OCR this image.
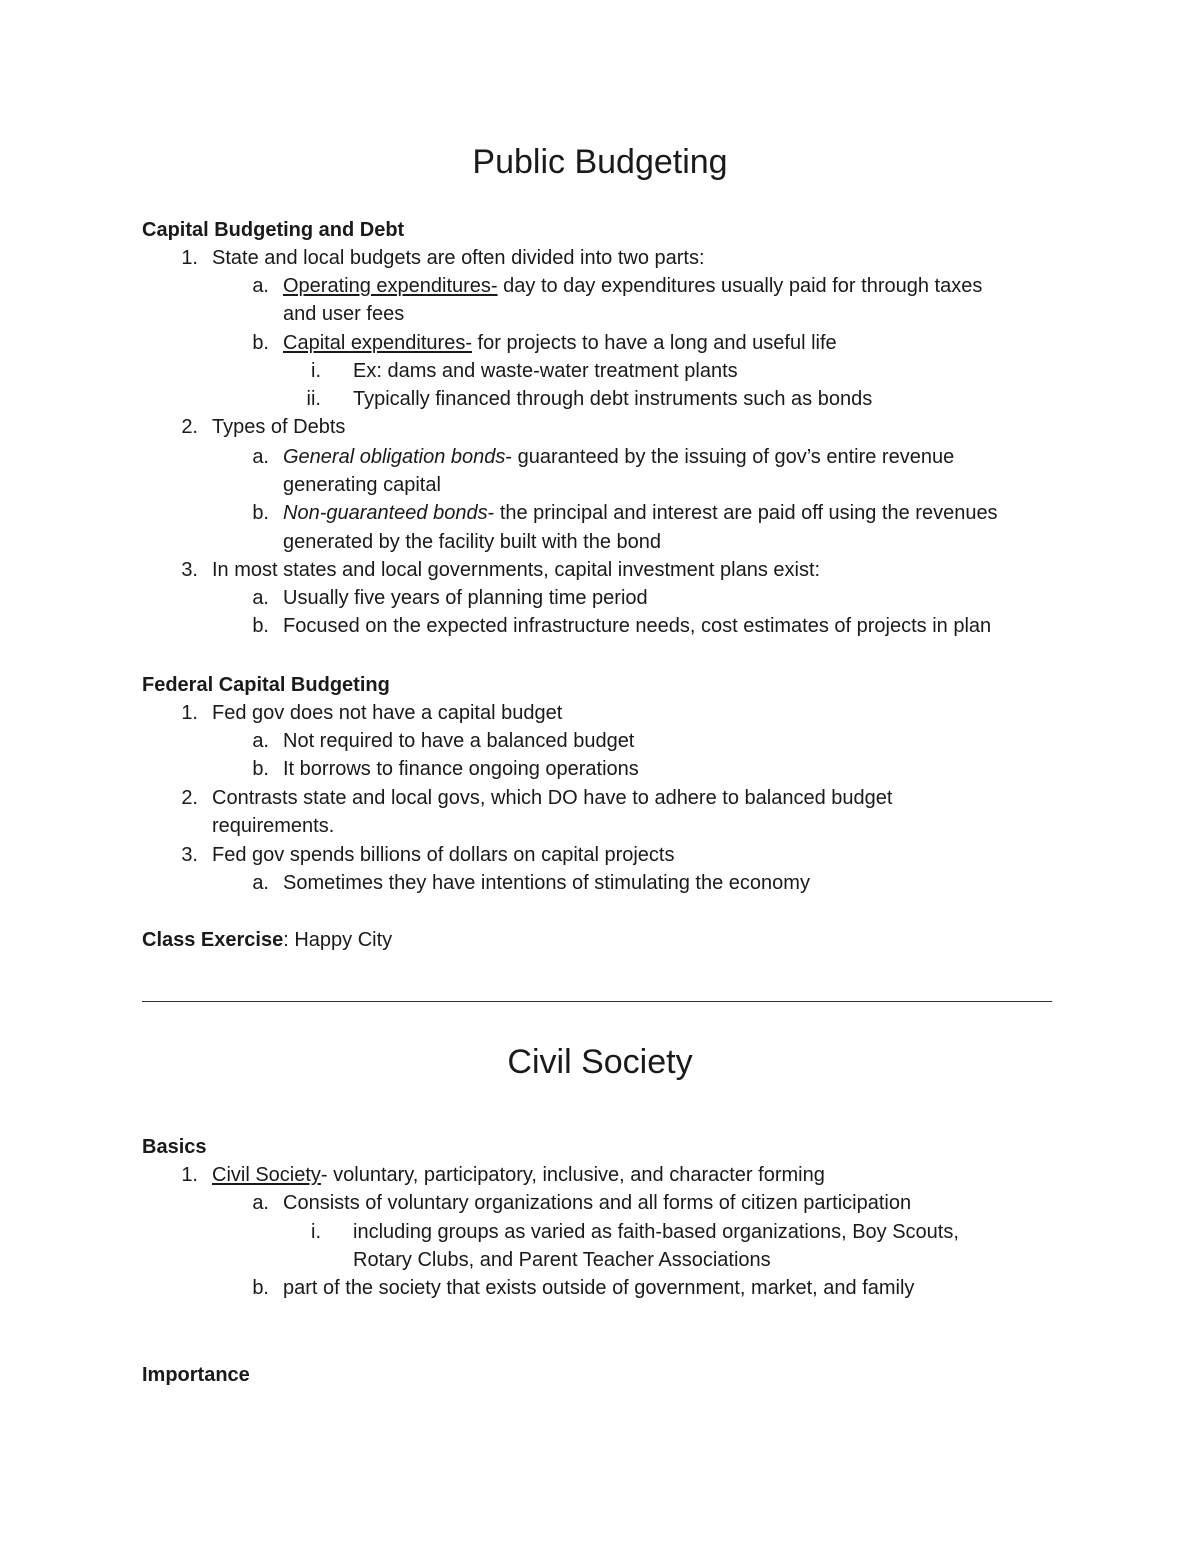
Public Budgeting
Capital Budgeting and Debt
1. State and local budgets are often divided into two parts:
a. Operating expenditures- day to day expenditures usually paid for through taxes
and user fees
b. Capital expenditures- for projects to have a long and useful life
i. Ex: dams and waste-water treatment plants
ii. Typically financed through debt instruments such as bonds
2. Types of Debts
a. General obligation bonds- guaranteed by the issuing of gov’s entire revenue
generating capital
b. Non-guaranteed bonds- the principal and interest are paid off using the revenues
generated by the facility built with the bond
3. In most states and local governments, capital investment plans exist:
a. Usually five years of planning time period
b. Focused on the expected infrastructure needs, cost estimates of projects in plan
Federal Capital Budgeting
1. Fed gov does not have a capital budget
a. Not required to have a balanced budget
b. It borrows to finance ongoing operations
2. Contrasts state and local govs, which DO have to adhere to balanced budget
requirements.
3. Fed gov spends billions of dollars on capital projects
a. Sometimes they have intentions of stimulating the economy
Class Exercise: Happy City
Civil Society
Basics
1. Civil Society- voluntary, participatory, inclusive, and character forming
a. Consists of voluntary organizations and all forms of citizen participation
i. including groups as varied as faith-based organizations, Boy Scouts,
Rotary Clubs, and Parent Teacher Associations
b. part of the society that exists outside of government, market, and family
Importance
